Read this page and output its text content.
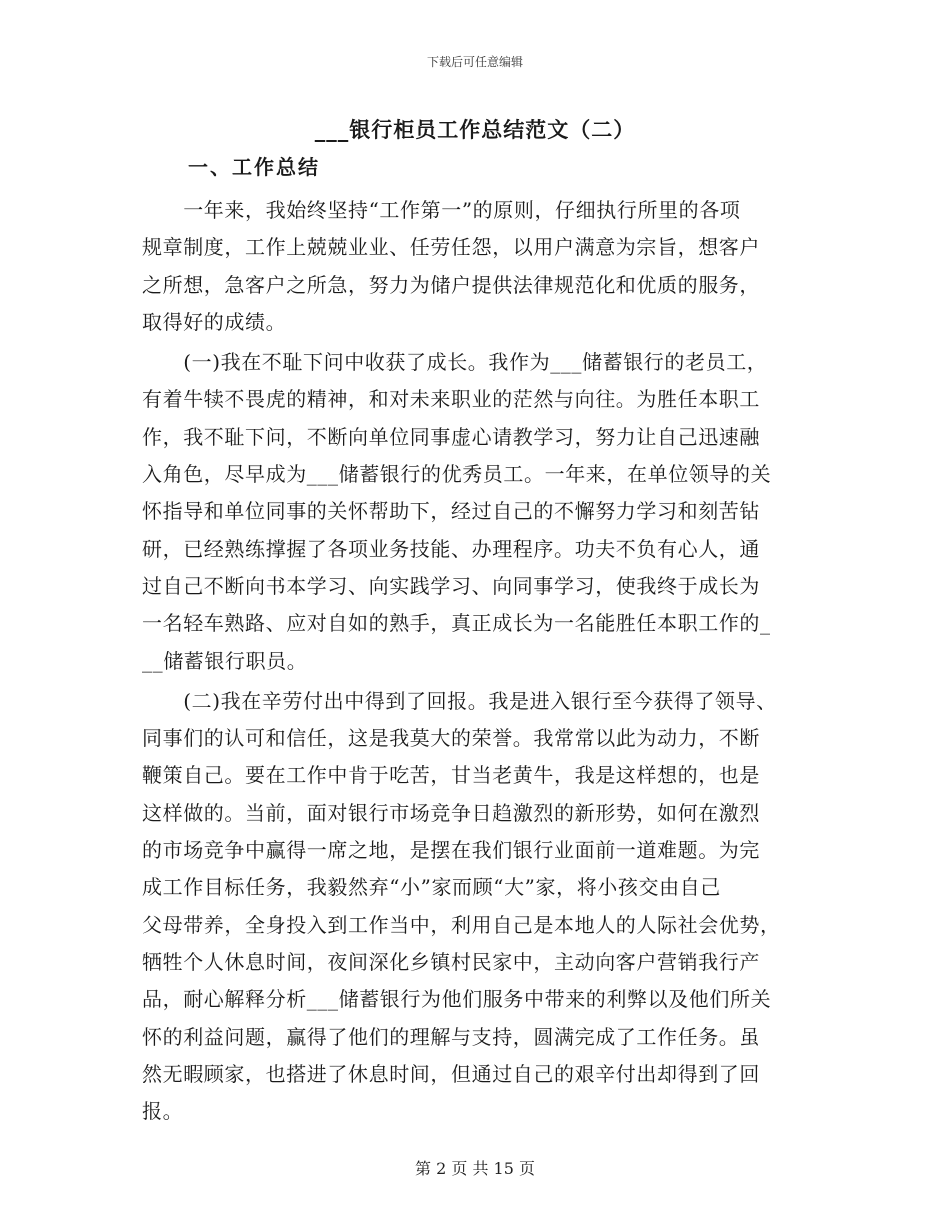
下载后可任意编辑
___银行柜员工作总结范文（二）
一、工作总结
　　一年来，我始终坚持“工作第一”的原则，仔细执行所里的各项
规章制度，工作上兢兢业业、任劳任怨，以用户满意为宗旨，想客户
之所想，急客户之所急，努力为储户提供法律规范化和优质的服务，
取得好的成绩。
　　(一)我在不耻下问中收获了成长。我作为___储蓄银行的老员工，
有着牛犊不畏虎的精神，和对未来职业的茫然与向往。为胜任本职工
作，我不耻下问，不断向单位同事虚心请教学习，努力让自己迅速融
入角色，尽早成为___储蓄银行的优秀员工。一年来，在单位领导的关
怀指导和单位同事的关怀帮助下，经过自己的不懈努力学习和刻苦钻
研，已经熟练撑握了各项业务技能、办理程序。功夫不负有心人，通
过自己不断向书本学习、向实践学习、向同事学习，使我终于成长为
一名轻车熟路、应对自如的熟手，真正成长为一名能胜任本职工作的_
__储蓄银行职员。
　　(二)我在辛劳付出中得到了回报。我是进入银行至今获得了领导、
同事们的认可和信任，这是我莫大的荣誉。我常常以此为动力，不断
鞭策自己。要在工作中肯于吃苦，甘当老黄牛，我是这样想的，也是
这样做的。当前，面对银行市场竞争日趋激烈的新形势，如何在激烈
的市场竞争中赢得一席之地，是摆在我们银行业面前一道难题。为完
成工作目标任务，我毅然弃“小”家而顾“大”家，将小孩交由自己
父母带养，全身投入到工作当中，利用自己是本地人的人际社会优势，
牺牲个人休息时间，夜间深化乡镇村民家中，主动向客户营销我行产
品，耐心解释分析___储蓄银行为他们服务中带来的利弊以及他们所关
怀的利益问题，赢得了他们的理解与支持，圆满完成了工作任务。虽
然无暇顾家，也搭进了休息时间，但通过自己的艰辛付出却得到了回
报。
第 2 页 共 15 页
